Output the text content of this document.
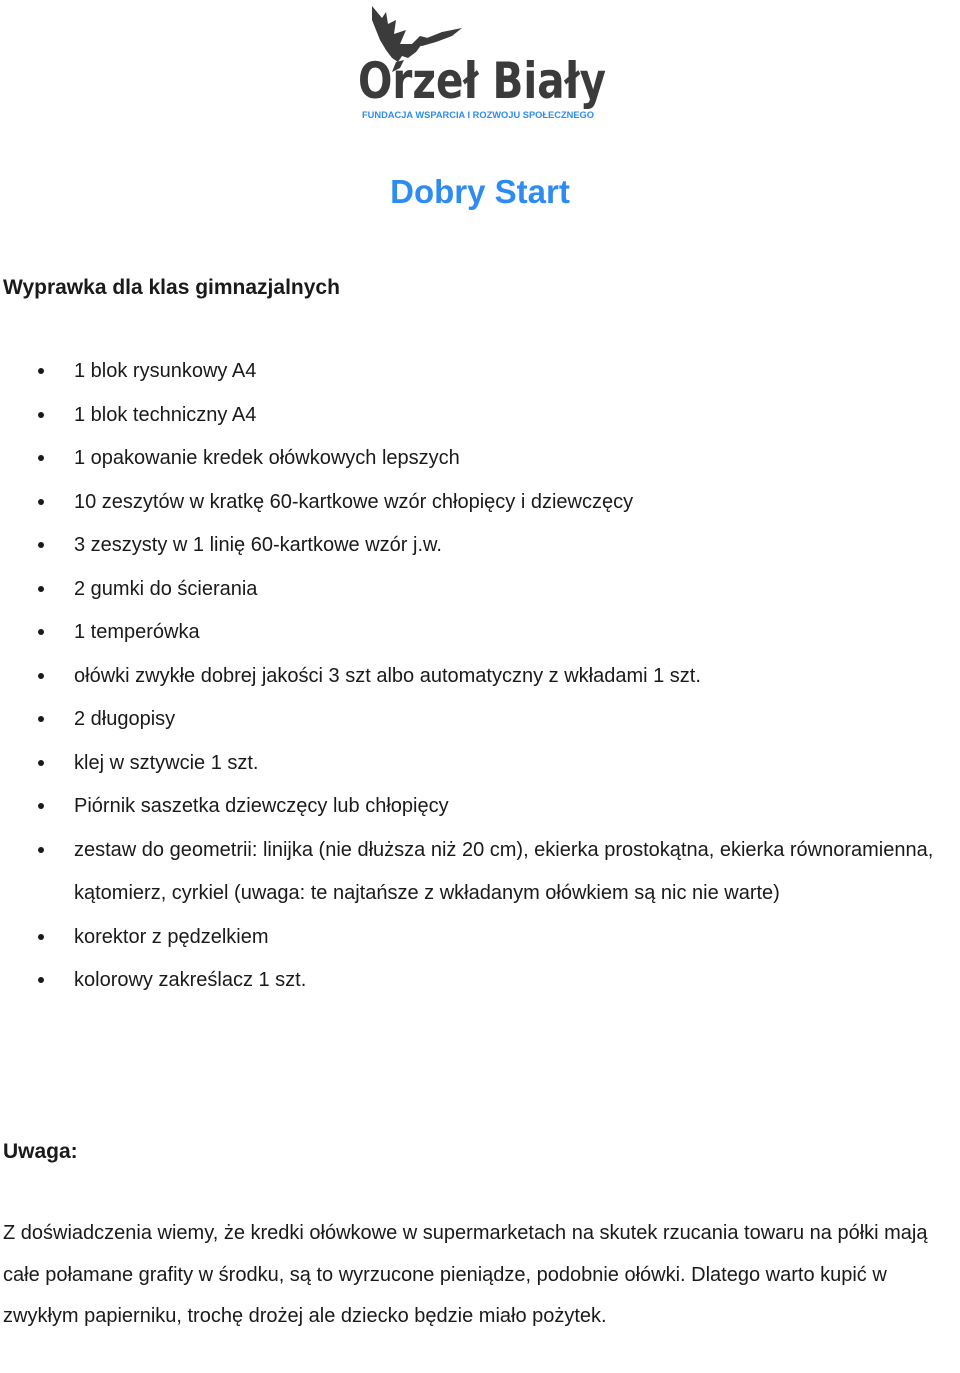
Orzeł Biały
FUNDACJA WSPARCIA I ROZWOJU SPOŁECZNEGO
Dobry Start
Wyprawka dla klas gimnazjalnych
1 blok rysunkowy A4
1 blok techniczny A4
1 opakowanie kredek ołówkowych lepszych
10 zeszytów w kratkę 60-kartkowe wzór chłopięcy i dziewczęcy
3 zeszysty w 1 linię 60-kartkowe wzór j.w.
2 gumki do ścierania
1 temperówka
ołówki zwykłe dobrej jakości 3 szt albo automatyczny z wkładami 1 szt.
2 długopisy
klej w sztywcie 1 szt.
Piórnik saszetka dziewczęcy lub chłopięcy
zestaw do geometrii: linijka (nie dłuższa niż 20 cm), ekierka prostokątna, ekierka równoramienna, kątomierz, cyrkiel (uwaga: te najtańsze z wkładanym ołówkiem są nic nie warte)
korektor z pędzelkiem
kolorowy zakreślacz 1 szt.
Uwaga:

Z doświadczenia wiemy, że kredki ołówkowe w supermarketach na skutek rzucania towaru na półki mają całe połamane grafity w środku, są to wyrzucone pieniądze, podobnie ołówki. Dlatego warto kupić w zwykłym papierniku, trochę drożej ale dziecko będzie miało pożytek.
